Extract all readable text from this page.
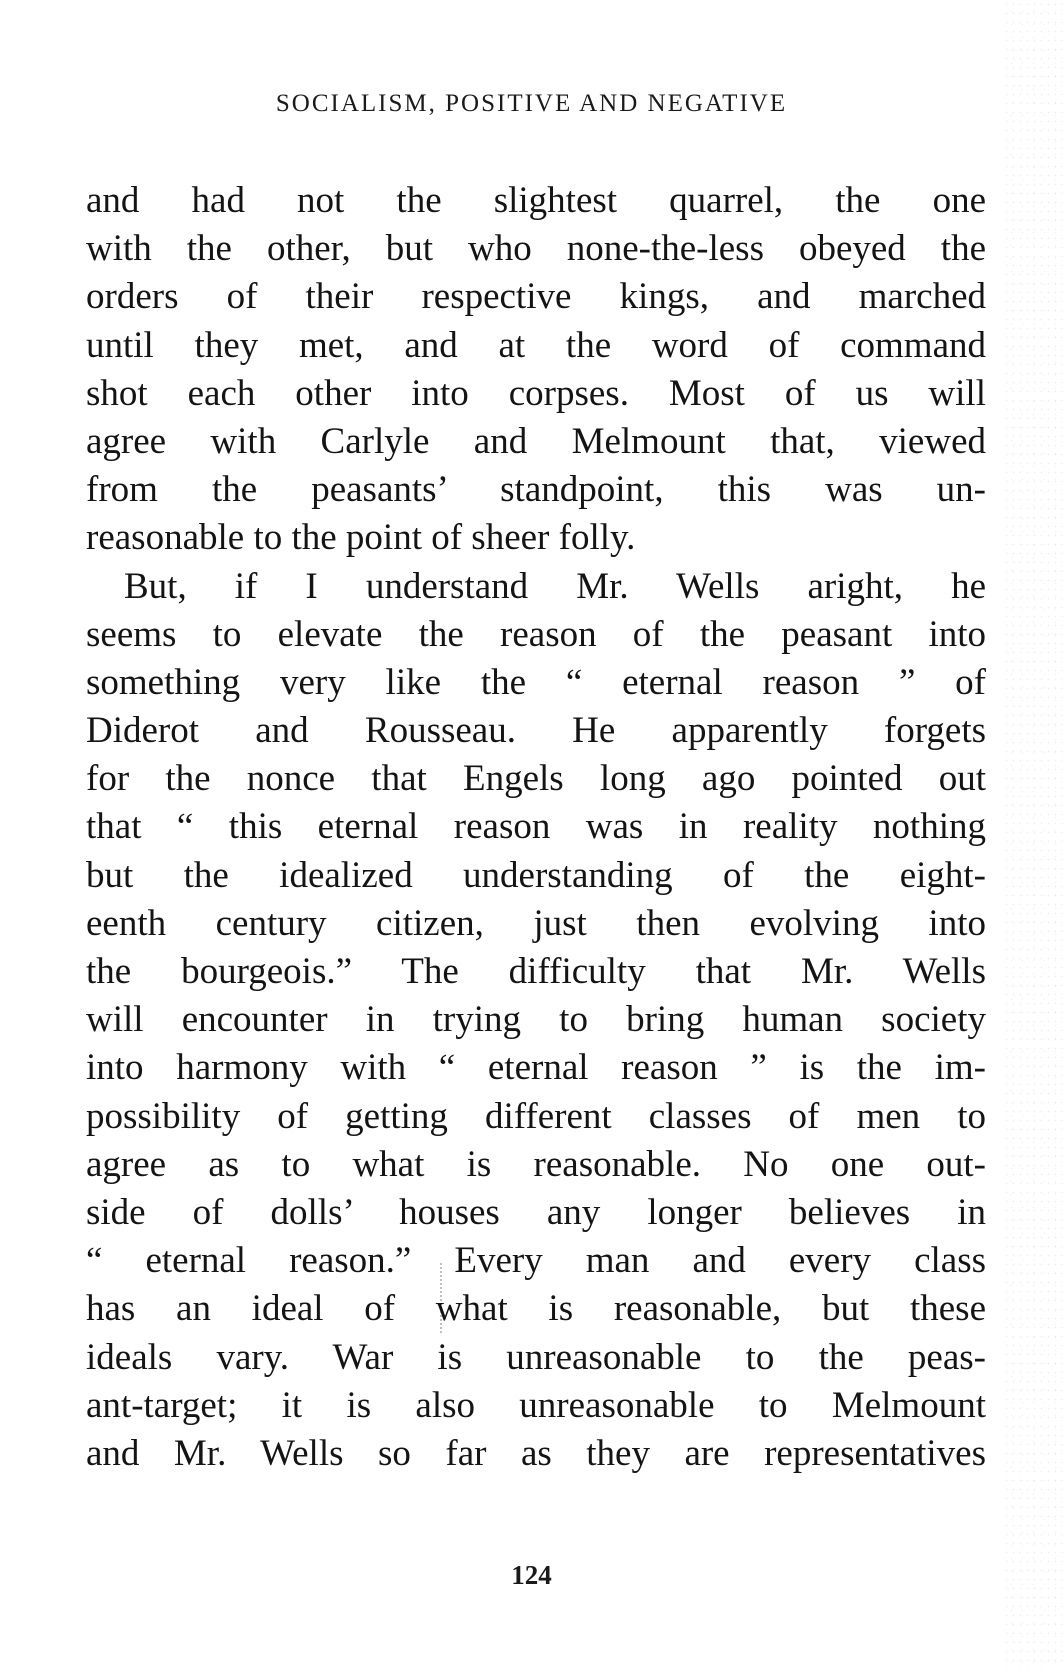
SOCIALISM, POSITIVE AND NEGATIVE
and had not the slightest quarrel, the one
with the other, but who none-the-less obeyed the
orders of their respective kings, and marched
until they met, and at the word of command
shot each other into corpses. Most of us will
agree with Carlyle and Melmount that, viewed
from the peasants’ standpoint, this was un-
reasonable to the point of sheer folly.
But, if I understand Mr. Wells aright, he
seems to elevate the reason of the peasant into
something very like the “ eternal reason ” of
Diderot and Rousseau. He apparently forgets
for the nonce that Engels long ago pointed out
that “ this eternal reason was in reality nothing
but the idealized understanding of the eight-
eenth century citizen, just then evolving into
the bourgeois.” The difficulty that Mr. Wells
will encounter in trying to bring human society
into harmony with “ eternal reason ” is the im-
possibility of getting different classes of men to
agree as to what is reasonable. No one out-
side of dolls’ houses any longer believes in
“ eternal reason.” Every man and every class
has an ideal of what is reasonable, but these
ideals vary. War is unreasonable to the peas-
ant-target; it is also unreasonable to Melmount
and Mr. Wells so far as they are representatives
124
